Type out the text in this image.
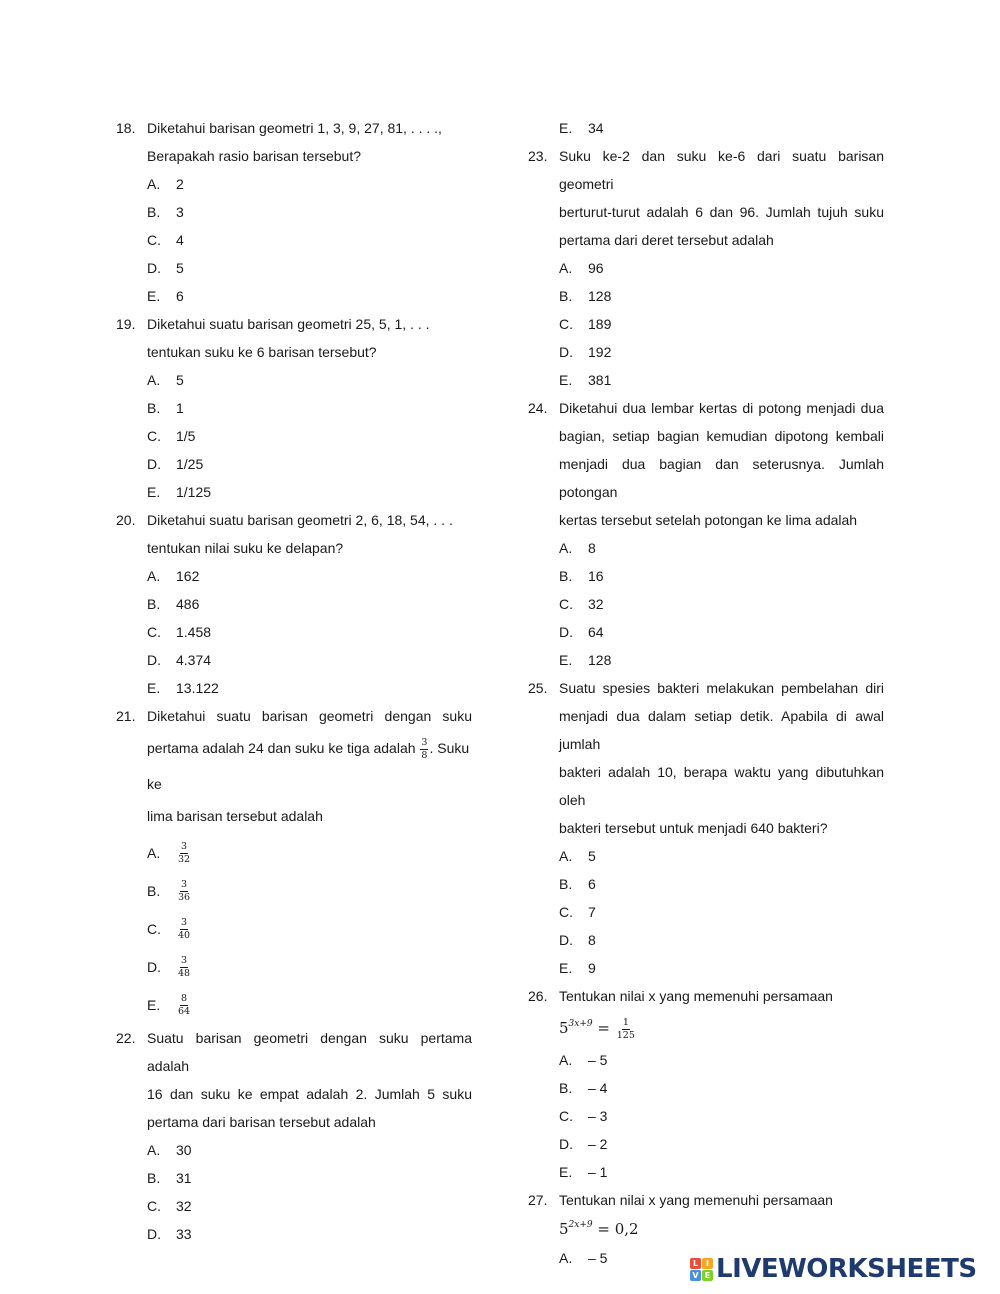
18. Diketahui barisan geometri 1, 3, 9, 27, 81, . . . .,
Berapakah rasio barisan tersebut?
A. 2
B. 3
C. 4
D. 5
E. 6
19. Diketahui suatu barisan geometri 25, 5, 1, . . .
tentukan suku ke 6 barisan tersebut?
A. 5
B. 1
C. 1/5
D. 1/25
E. 1/125
20. Diketahui suatu barisan geometri 2, 6, 18, 54, . . .
tentukan nilai suku ke delapan?
A. 162
B. 486
C. 1.458
D. 4.374
E. 13.122
21. Diketahui suatu barisan geometri dengan suku
pertama adalah 24 dan suku ke tiga adalah $\frac{3}{8}$ . Suku ke
lima barisan tersebut adalah
A. $\frac{3}{32}$
B. $\frac{3}{36}$
C. $\frac{3}{40}$
D. $\frac{3}{48}$
E. $\frac{8}{64}$
22. Suatu barisan geometri dengan suku pertama adalah
16 dan suku ke empat adalah 2. Jumlah 5 suku
pertama dari barisan tersebut adalah
A. 30
B. 31
C. 32
D. 33
E. 34
23. Suku ke-2 dan suku ke-6 dari suatu barisan geometri
berturut-turut adalah 6 dan 96. Jumlah tujuh suku
pertama dari deret tersebut adalah
A. 96
B. 128
C. 189
D. 192
E. 381
24. Diketahui dua lembar kertas di potong menjadi dua
bagian, setiap bagian kemudian dipotong kembali
menjadi dua bagian dan seterusnya. Jumlah potongan
kertas tersebut setelah potongan ke lima adalah
A. 8
B. 16
C. 32
D. 64
E. 128
25. Suatu spesies bakteri melakukan pembelahan diri
menjadi dua dalam setiap detik. Apabila di awal jumlah
bakteri adalah 10, berapa waktu yang dibutuhkan oleh
bakteri tersebut untuk menjadi 640 bakteri?
A. 5
B. 6
C. 7
D. 8
E. 9
26. Tentukan nilai x yang memenuhi persamaan
$5^{3x+9} = \frac{1}{125}$
A. – 5
B. – 4
C. – 3
D. – 2
E. – 1
27. Tentukan nilai x yang memenuhi persamaan
$5^{2x+9} = 0,2$
A. – 5	L I
V E LIVEWORKSHEETS
